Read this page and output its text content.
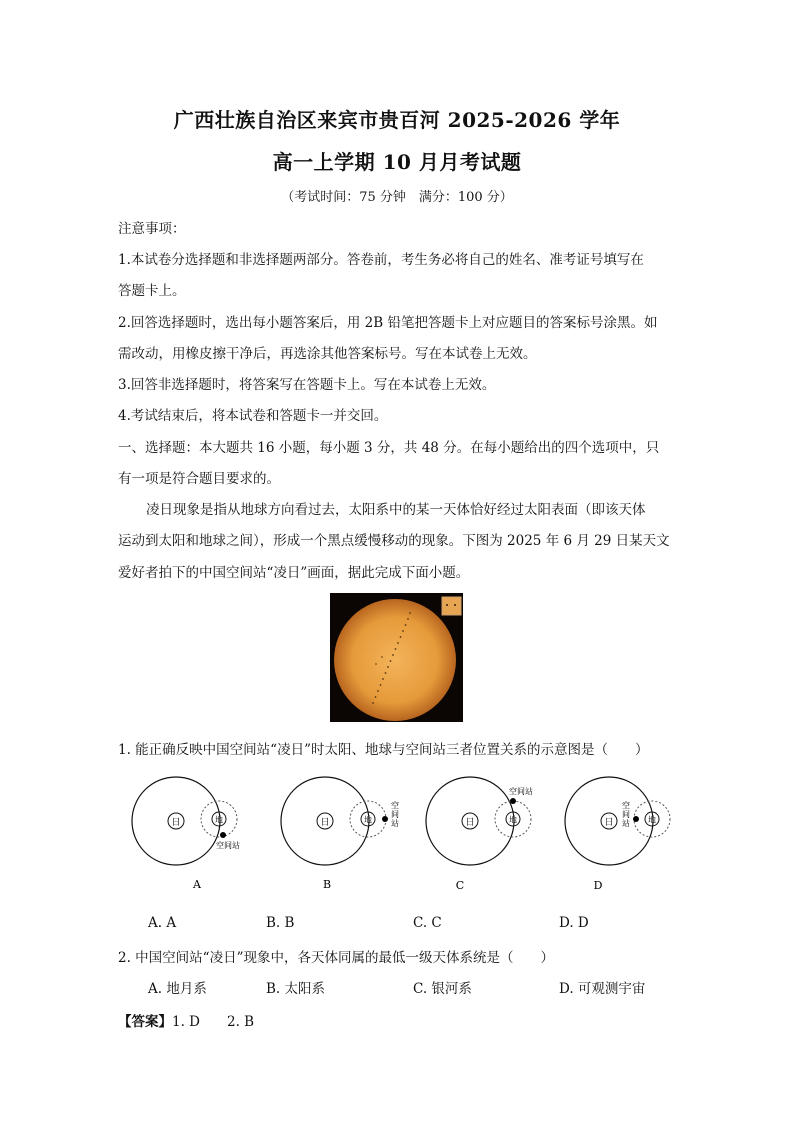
广西壮族自治区来宾市贵百河 2025-2026 学年
高一上学期 10 月月考试题
（考试时间：75 分钟　满分：100 分）
注意事项：
1.本试卷分选择题和非选择题两部分。答卷前，考生务必将自己的姓名、准考证号填写在
答题卡上。
2.回答选择题时，选出每小题答案后，用 2B 铅笔把答题卡上对应题目的答案标号涂黑。如
需改动，用橡皮擦干净后，再选涂其他答案标号。写在本试卷上无效。
3.回答非选择题时，将答案写在答题卡上。写在本试卷上无效。
4.考试结束后，将本试卷和答题卡一并交回。
一、选择题：本大题共 16 小题，每小题 3 分，共 48 分。在每小题给出的四个选项中，只
有一项是符合题目要求的。
凌日现象是指从地球方向看过去，太阳系中的某一天体恰好经过太阳表面（即该天体
运动到太阳和地球之间），形成一个黑点缓慢移动的现象。下图为 2025 年 6 月 29 日某天文
爱好者拍下的中国空间站“凌日”画面，据此完成下面小题。
1. 能正确反映中国空间站“凌日”时太阳、地球与空间站三者位置关系的示意图是（　　）
日	地
空间站
A
日	地
空间站
B
日	地
空间站
C
日	地
空间站
D
A. A	B. B	C. C	D. D
2. 中国空间站“凌日”现象中，各天体同属的最低一级天体系统是（　　）
A. 地月系	B. 太阳系	C. 银河系	D. 可观测宇宙
【答案】1. D　　2. B
